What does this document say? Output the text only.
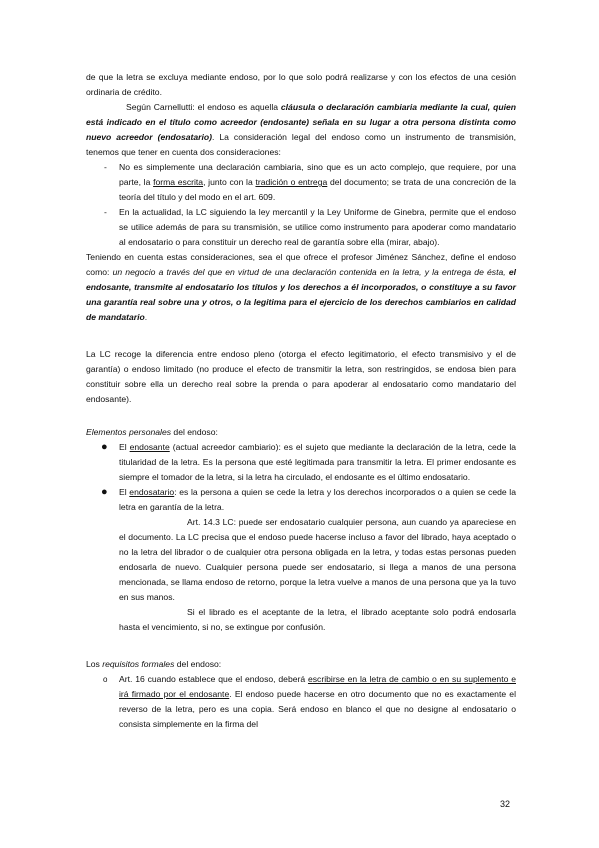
de que la letra se excluya mediante endoso, por lo que solo podrá realizarse y con los efectos de una cesión ordinaria de crédito.

Según Carnellutti: el endoso es aquella cláusula o declaración cambiaria mediante la cual, quien está indicado en el título como acreedor (endosante) señala en su lugar a otra persona distinta como nuevo acreedor (endosatario). La consideración legal del endoso como un instrumento de transmisión, tenemos que tener en cuenta dos consideraciones:

- No es simplemente una declaración cambiaria, sino que es un acto complejo, que requiere, por una parte, la forma escrita, junto con la tradición o entrega del documento; se trata de una concreción de la teoría del título y del modo en el art. 609.
- En la actualidad, la LC siguiendo la ley mercantil y la Ley Uniforme de Ginebra, permite que el endoso se utilice además de para su transmisión, se utilice como instrumento para apoderar como mandatario al endosatario o para constituir un derecho real de garantía sobre ella (mirar, abajo).

Teniendo en cuenta estas consideraciones, sea el que ofrece el profesor Jiménez Sánchez, define el endoso como: un negocio a través del que en virtud de una declaración contenida en la letra, y la entrega de ésta, el endosante, transmite al endosatario los títulos y los derechos a él incorporados, o constituye a su favor una garantía real sobre una y otros, o la legitima para el ejercicio de los derechos cambiarios en calidad de mandatario.

La LC recoge la diferencia entre endoso pleno (otorga el efecto legitimatorio, el efecto transmisivo y el de garantía) o endoso limitado (no produce el efecto de transmitir la letra, son restringidos, se endosa bien para constituir sobre ella un derecho real sobre la prenda o para apoderar al endosatario como mandatario del endosante).

Elementos personales del endoso:

● El endosante (actual acreedor cambiario): es el sujeto que mediante la declaración de la letra, cede la titularidad de la letra. Es la persona que esté legitimada para transmitir la letra. El primer endosante es siempre el tomador de la letra, si la letra ha circulado, el endosante es el último endosatario.
● El endosatario: es la persona a quien se cede la letra y los derechos incorporados o a quien se cede la letra en garantía de la letra.

Art. 14.3 LC: puede ser endosatario cualquier persona, aun cuando ya apareciese en el documento. La LC precisa que el endoso puede hacerse incluso a favor del librado, haya aceptado o no la letra del librador o de cualquier otra persona obligada en la letra, y todas estas personas pueden endosarla de nuevo. Cualquier persona puede ser endosatario, si llega a manos de una persona mencionada, se llama endoso de retorno, porque la letra vuelve a manos de una persona que ya la tuvo en sus manos.

Si el librado es el aceptante de la letra, el librado aceptante solo podrá endosarla hasta el vencimiento, si no, se extingue por confusión.

Los requisitos formales del endoso:

o Art. 16 cuando establece que el endoso, deberá escribirse en la letra de cambio o en su suplemento e irá firmado por el endosante. El endoso puede hacerse en otro documento que no es exactamente el reverso de la letra, pero es una copia. Será endoso en blanco el que no designe al endosatario o consista simplemente en la firma del
32
